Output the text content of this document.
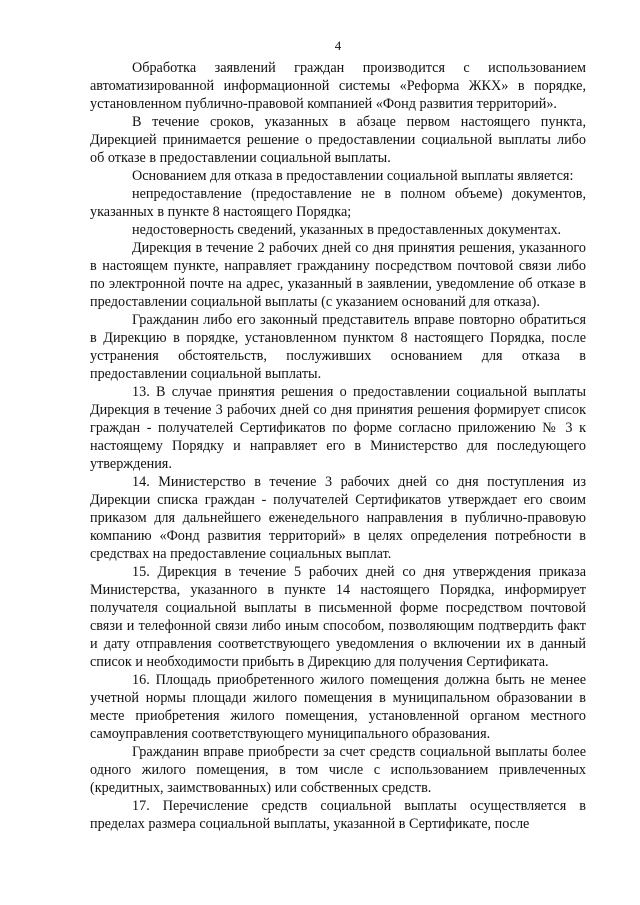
4

Обработка заявлений граждан производится с использованием автоматизированной информационной системы «Реформа ЖКХ» в порядке, установленном публично-правовой компанией «Фонд развития территорий».

В течение сроков, указанных в абзаце первом настоящего пункта, Дирекцией принимается решение о предоставлении социальной выплаты либо об отказе в предоставлении социальной выплаты.

Основанием для отказа в предоставлении социальной выплаты является:

непредоставление (предоставление не в полном объеме) документов, указанных в пункте 8 настоящего Порядка;

недостоверность сведений, указанных в предоставленных документах.

Дирекция в течение 2 рабочих дней со дня принятия решения, указанного в настоящем пункте, направляет гражданину посредством почтовой связи либо по электронной почте на адрес, указанный в заявлении, уведомление об отказе в предоставлении социальной выплаты (с указанием оснований для отказа).

Гражданин либо его законный представитель вправе повторно обратиться в Дирекцию в порядке, установленном пунктом 8 настоящего Порядка, после устранения обстоятельств, послуживших основанием для отказа в предоставлении социальной выплаты.

13. В случае принятия решения о предоставлении социальной выплаты Дирекция в течение 3 рабочих дней со дня принятия решения формирует список граждан - получателей Сертификатов по форме согласно приложению № 3 к настоящему Порядку и направляет его в Министерство для последующего утверждения.

14. Министерство в течение 3 рабочих дней со дня поступления из Дирекции списка граждан - получателей Сертификатов утверждает его своим приказом для дальнейшего еженедельного направления в публично-правовую компанию «Фонд развития территорий» в целях определения потребности в средствах на предоставление социальных выплат.

15. Дирекция в течение 5 рабочих дней со дня утверждения приказа Министерства, указанного в пункте 14 настоящего Порядка, информирует получателя социальной выплаты в письменной форме посредством почтовой связи и телефонной связи либо иным способом, позволяющим подтвердить факт и дату отправления соответствующего уведомления о включении их в данный список и необходимости прибыть в Дирекцию для получения Сертификата.

16. Площадь приобретенного жилого помещения должна быть не менее учетной нормы площади жилого помещения в муниципальном образовании в месте приобретения жилого помещения, установленной органом местного самоуправления соответствующего муниципального образования.

Гражданин вправе приобрести за счет средств социальной выплаты более одного жилого помещения, в том числе с использованием привлеченных (кредитных, заимствованных) или собственных средств.

17. Перечисление средств социальной выплаты осуществляется в пределах размера социальной выплаты, указанной в Сертификате, после
